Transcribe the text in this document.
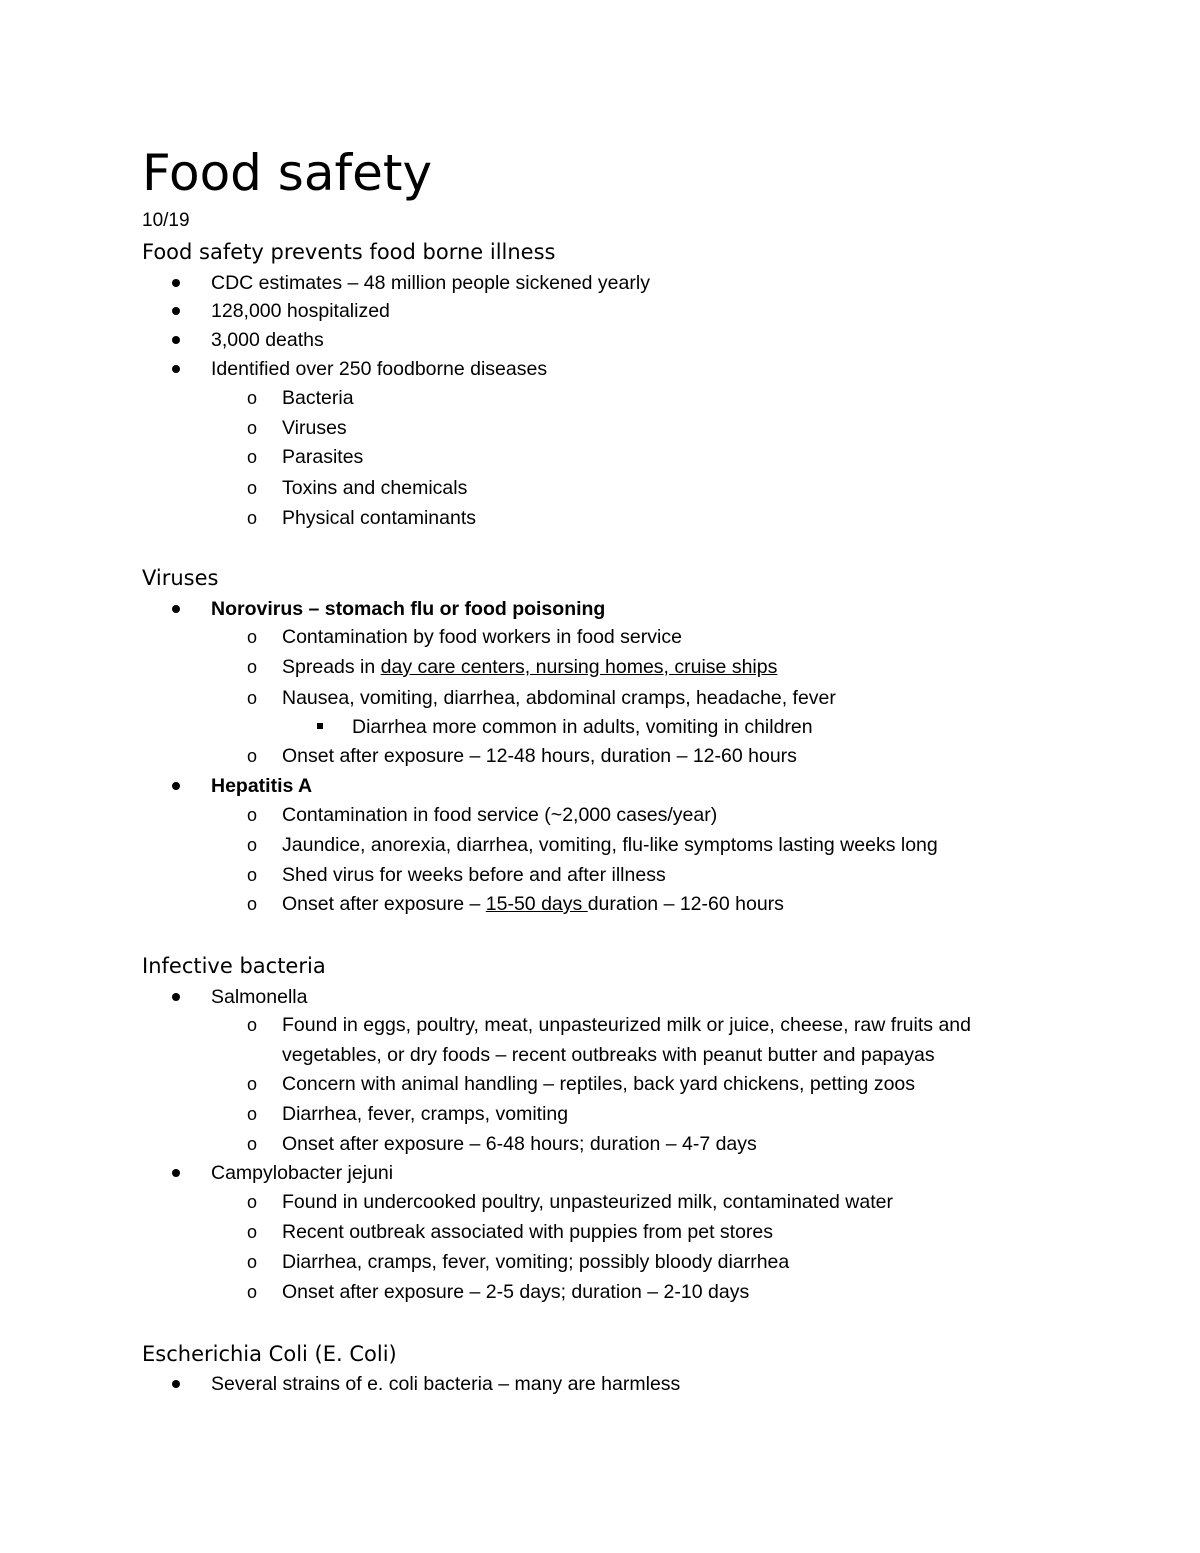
Food safety
10/19
Food safety prevents food borne illness
CDC estimates – 48 million people sickened yearly
128,000 hospitalized
3,000 deaths
Identified over 250 foodborne diseases
o Bacteria
o Viruses
o Parasites
o Toxins and chemicals
o Physical contaminants
Viruses
Norovirus – stomach flu or food poisoning
o Contamination by food workers in food service
o Spreads in day care centers, nursing homes, cruise ships
o Nausea, vomiting, diarrhea, abdominal cramps, headache, fever
Diarrhea more common in adults, vomiting in children
o Onset after exposure – 12-48 hours, duration – 12-60 hours
Hepatitis A
o Contamination in food service (~2,000 cases/year)
o Jaundice, anorexia, diarrhea, vomiting, flu-like symptoms lasting weeks long
o Shed virus for weeks before and after illness
o Onset after exposure – 15-50 days duration – 12-60 hours
Infective bacteria
Salmonella
o Found in eggs, poultry, meat, unpasteurized milk or juice, cheese, raw fruits and
vegetables, or dry foods – recent outbreaks with peanut butter and papayas
o Concern with animal handling – reptiles, back yard chickens, petting zoos
o Diarrhea, fever, cramps, vomiting
o Onset after exposure – 6-48 hours; duration – 4-7 days
Campylobacter jejuni
o Found in undercooked poultry, unpasteurized milk, contaminated water
o Recent outbreak associated with puppies from pet stores
o Diarrhea, cramps, fever, vomiting; possibly bloody diarrhea
o Onset after exposure – 2-5 days; duration – 2-10 days
Escherichia Coli (E. Coli)
Several strains of e. coli bacteria – many are harmless
